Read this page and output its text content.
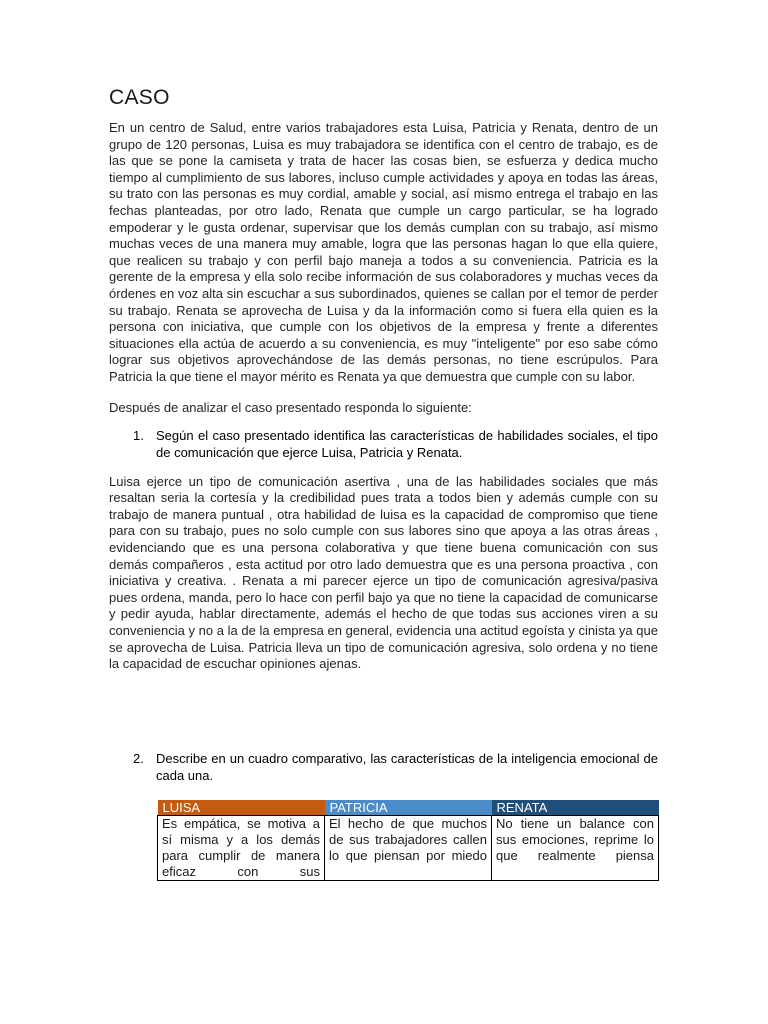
CASO

En un centro de Salud, entre varios trabajadores esta Luisa, Patricia y Renata, dentro de un grupo de 120 personas, Luisa es muy trabajadora se identifica con el centro de trabajo, es de las que se pone la camiseta y trata de hacer las cosas bien, se esfuerza y dedica mucho tiempo al cumplimiento de sus labores, incluso cumple actividades y apoya en todas las áreas, su trato con las personas es muy cordial, amable y social, así mismo entrega el trabajo en las fechas planteadas, por otro lado, Renata que cumple un cargo particular, se ha logrado empoderar y le gusta ordenar, supervisar que los demás cumplan con su trabajo, así mismo muchas veces de una manera muy amable, logra que las personas hagan lo que ella quiere, que realicen su trabajo y con perfil bajo maneja a todos a su conveniencia. Patricia es la gerente de la empresa y ella solo recibe información de sus colaboradores y muchas veces da órdenes en voz alta sin escuchar a sus subordinados, quienes se callan por el temor de perder su trabajo. Renata se aprovecha de Luisa y da la información como si fuera ella quien es la persona con iniciativa, que cumple con los objetivos de la empresa y frente a diferentes situaciones ella actúa de acuerdo a su conveniencia, es muy "inteligente" por eso sabe cómo lograr sus objetivos aprovechándose de las demás personas, no tiene escrúpulos. Para Patricia la que tiene el mayor mérito es Renata ya que demuestra que cumple con su labor.

Después de analizar el caso presentado responda lo siguiente:

1. Según el caso presentado identifica las características de habilidades sociales, el tipo de comunicación que ejerce Luisa, Patricia y Renata.

Luisa ejerce un tipo de comunicación asertiva , una de las habilidades sociales que más resaltan seria la cortesía y la credibilidad pues trata a todos bien y además cumple con su trabajo de manera puntual , otra habilidad de luisa es la capacidad de compromiso que tiene para con su trabajo, pues no solo cumple con sus labores sino que apoya a las otras áreas , evidenciando que es una persona colaborativa y que tiene buena comunicación con sus demás compañeros , esta actitud por otro lado demuestra que es una persona proactiva , con iniciativa y creativa. . Renata a mi parecer ejerce un tipo de comunicación agresiva/pasiva pues ordena, manda, pero lo hace con perfil bajo ya que no tiene la capacidad de comunicarse y pedir ayuda, hablar directamente, además el hecho de que todas sus acciones viren a su conveniencia y no a la de la empresa en general, evidencia una actitud egoísta y cinista ya que se aprovecha de Luisa. Patricia lleva un tipo de comunicación agresiva, solo ordena y no tiene la capacidad de escuchar opiniones ajenas.

2. Describe en un cuadro comparativo, las características de la inteligencia emocional de cada una.
LUISA	PATRICIA	RENATA

Es empática, se motiva a sí misma y a los demás para cumplir de manera eficaz con sus	El hecho de que muchos de sus trabajadores callen lo que piensan por miedo	No tiene un balance con sus emociones, reprime lo que realmente piensa
